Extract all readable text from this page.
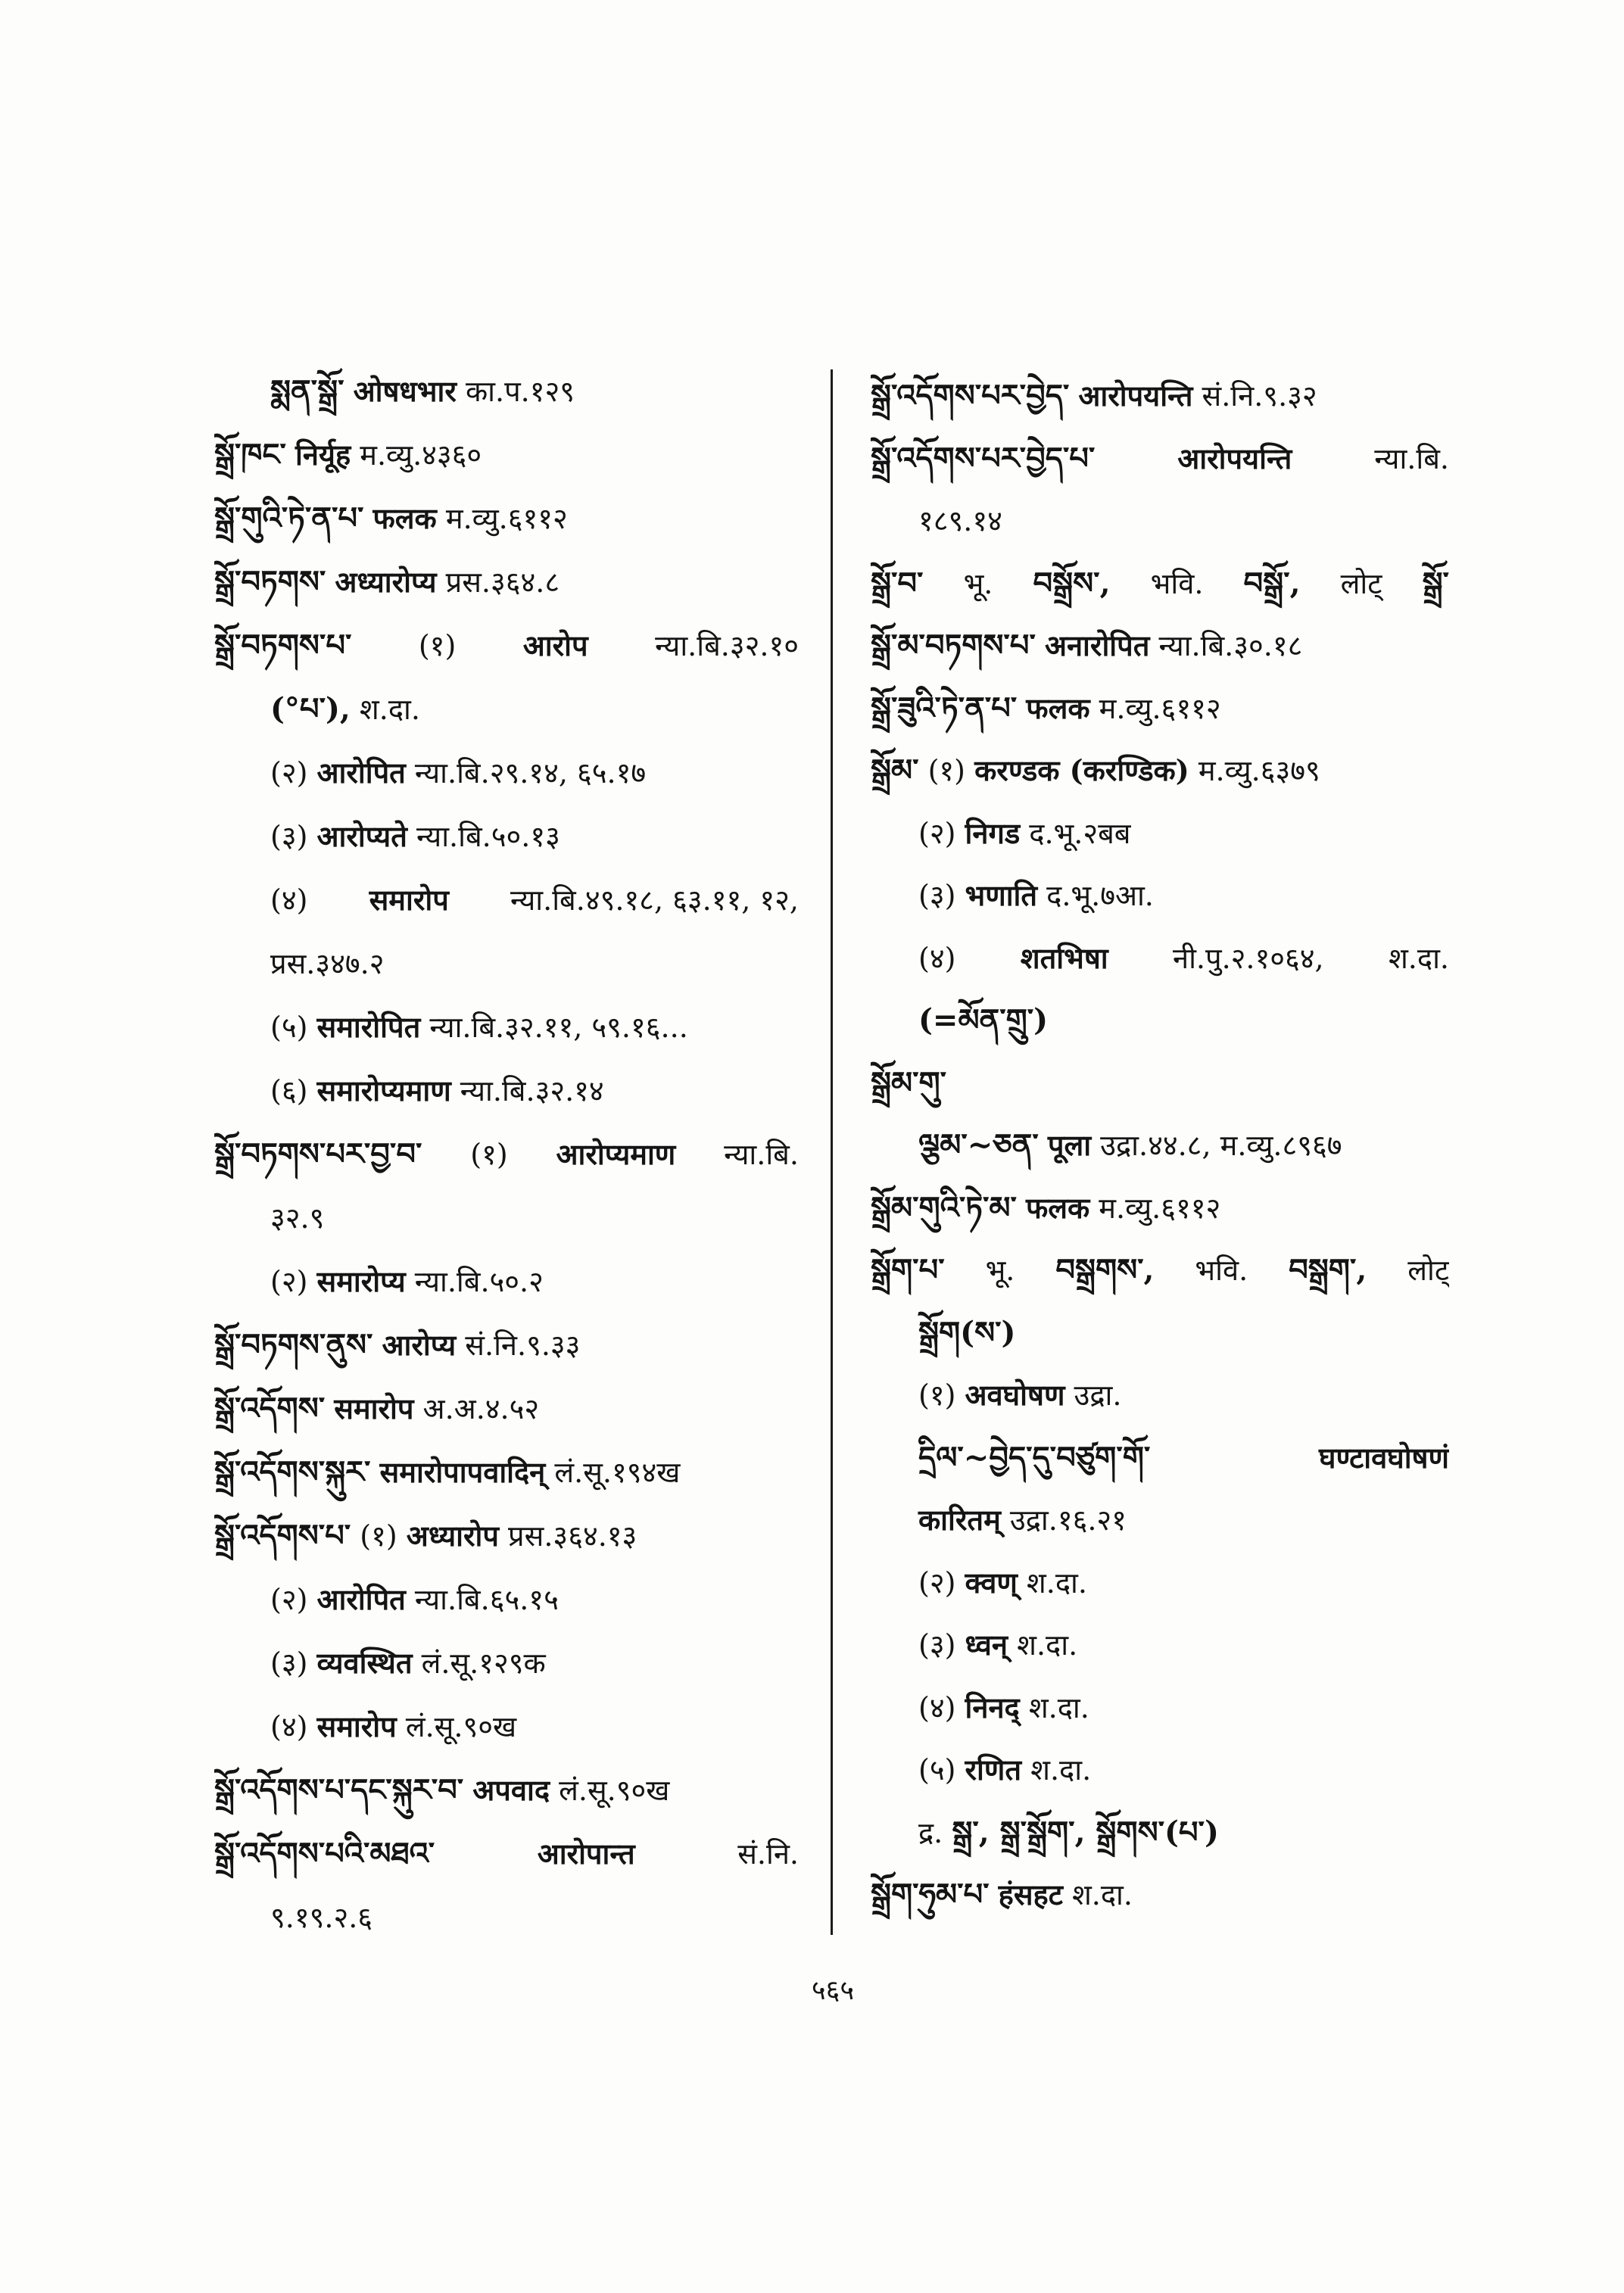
སྨན་སྒྲོ་ ओषधभार का.प.१२९
སྒྲོ་ཁང་ निर्यूह म.व्यु.४३६०
སྒྲོ་གུའི་ཏེ་ན་པ་ फलक म.व्यु.६११२
སྒྲོ་བཏགས་ अध्यारोप्य प्रस.३६४.८
སྒྲོ་བཏགས་པ་ (१) आरोप न्या.बि.३२.१०
(°པ་), श.दा.
(२) आरोपित न्या.बि.२९.१४, ६५.१७
(३) आरोप्यते न्या.बि.५०.१३
(४) समारोप न्या.बि.४९.१८, ६३.११, १२,
प्रस.३४७.२
(५) समारोपित न्या.बि.३२.११, ५९.१६...
(६) समारोप्यमाण न्या.बि.३२.१४
སྒྲོ་བཏགས་པར་བྱ་བ་ (१) आरोप्यमाण न्या.बि.
३२.९
(२) समारोप्य न्या.बि.५०.२
སྒྲོ་བཏགས་ནུས་ आरोप्य सं.नि.९.३३
སྒྲོ་འདོགས་ समारोप अ.अ.४.५२
སྒྲོ་འདོགས་སྐུར་ समारोपापवादिन् लं.सू.१९४ख
སྒྲོ་འདོགས་པ་ (१) अध्यारोप प्रस.३६४.१३
(२) आरोपित न्या.बि.६५.१५
(३) व्यवस्थित लं.सू.१२९क
(४) समारोप लं.सू.९०ख
སྒྲོ་འདོགས་པ་དང་སྐུར་བ་ अपवाद लं.सू.९०ख
སྒྲོ་འདོགས་པའི་མཐའ་	आरोपान्त	सं.नि.
९.१९.२.६
སྒྲོ་འདོགས་པར་བྱེད་ आरोपयन्ति सं.नि.९.३२
སྒྲོ་འདོགས་པར་བྱེད་པ་	आरोपयन्ति	न्या.बि.
१८९.१४
སྒྲོ་བ་ भू. བསྒྲོས་, भवि. བསྒྲོ་, लोट् སྒྲོ་
སྒྲོ་མ་བཏགས་པ་ अनारोपित न्या.बि.३०.१८
སྒྲོ་ཟུའི་ཏེ་ན་པ་ फलक म.व्यु.६११२
སྒྲོམ་ (१) करण्डक (करण्डिक) म.व्यु.६३७९
(२) निगड द.भू.२बब
(३) भणाति द.भू.७आ.
(४) शतभिषा नी.पु.२.१०६४, श.दा.
(=མོན་གྲུ་)
སྒྲོམ་གུ་
ལྕམ་~ཅན་ पूला उद्रा.४४.८, म.व्यु.८९६७
སྒྲོམ་གུའི་ཏེ་མ་ फलक म.व्यु.६११२
སྒྲོག་པ་ भू. བསྒྲགས་, भवि. བསྒྲག་, लोट्
སྒྲོག(ས་)
(१) अवघोषण उद्रा.
དྲིལ་~བྱེད་དུ་བཙུག་གོ་	घण्टावघोषणं
कारितम् उद्रा.१६.२१
(२) क्वण् श.दा.
(३) ध्वन् श.दा.
(४) निनद् श.दा.
(५) रणित श.दा.
द्र. སྒྲ་, སྒྲ་སྒྲོག་, སྒྲོགས་(པ་)
སྒྲོག་ཧུམ་པ་ हंसहट श.दा.
५६५
